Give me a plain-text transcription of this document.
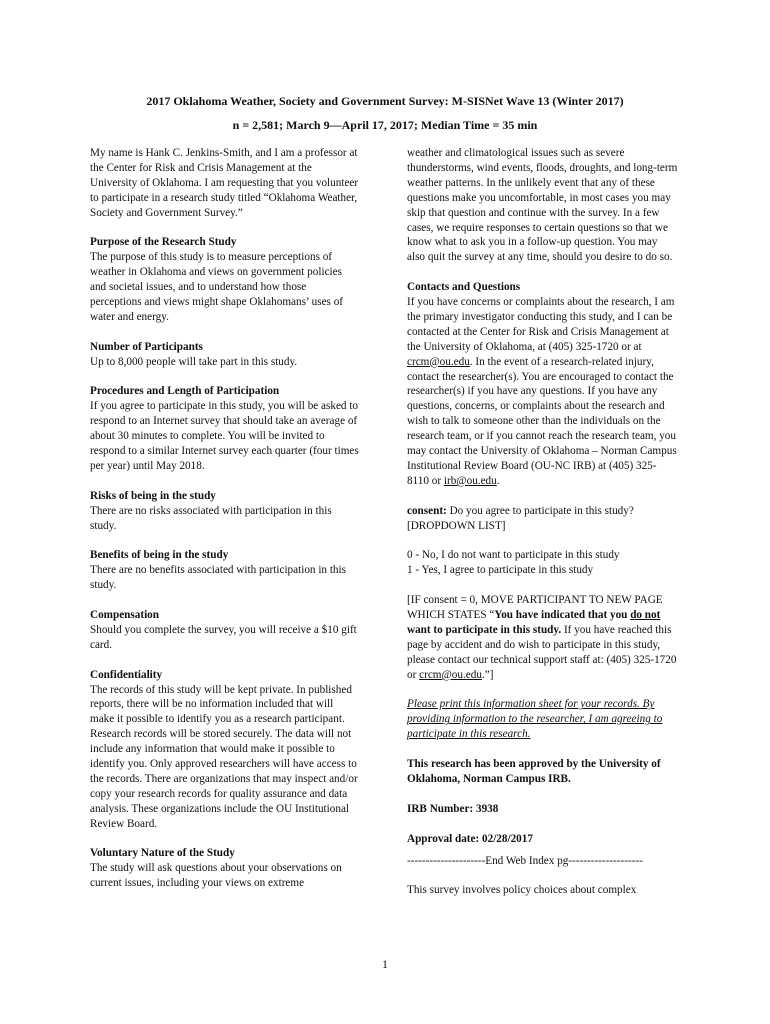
2017 Oklahoma Weather, Society and Government Survey: M-SISNet Wave 13 (Winter 2017)
n = 2,581; March 9—April 17, 2017; Median Time = 35 min

My name is Hank C. Jenkins-Smith, and I am a professor at the Center for Risk and Crisis Management at the University of Oklahoma. I am requesting that you volunteer to participate in a research study titled “Oklahoma Weather, Society and Government Survey.”

Purpose of the Research Study
The purpose of this study is to measure perceptions of weather in Oklahoma and views on government policies and societal issues, and to understand how those perceptions and views might shape Oklahomans’ uses of water and energy.

Number of Participants
Up to 8,000 people will take part in this study.

Procedures and Length of Participation
If you agree to participate in this study, you will be asked to respond to an Internet survey that should take an average of about 30 minutes to complete. You will be invited to respond to a similar Internet survey each quarter (four times per year) until May 2018.

Risks of being in the study
There are no risks associated with participation in this study.

Benefits of being in the study
There are no benefits associated with participation in this study.

Compensation
Should you complete the survey, you will receive a $10 gift card.

Confidentiality
The records of this study will be kept private. In published reports, there will be no information included that will make it possible to identify you as a research participant. Research records will be stored securely. The data will not include any information that would make it possible to identify you. Only approved researchers will have access to the records. There are organizations that may inspect and/or copy your research records for quality assurance and data analysis. These organizations include the OU Institutional Review Board.

Voluntary Nature of the Study
The study will ask questions about your observations on current issues, including your views on extreme

weather and climatological issues such as severe thunderstorms, wind events, floods, droughts, and long-term weather patterns. In the unlikely event that any of these questions make you uncomfortable, in most cases you may skip that question and continue with the survey. In a few cases, we require responses to certain questions so that we know what to ask you in a follow-up question. You may also quit the survey at any time, should you desire to do so.

Contacts and Questions
If you have concerns or complaints about the research, I am the primary investigator conducting this study, and I can be contacted at the Center for Risk and Crisis Management at the University of Oklahoma, at (405) 325-1720 or at crcm@ou.edu. In the event of a research-related injury, contact the researcher(s). You are encouraged to contact the researcher(s) if you have any questions. If you have any questions, concerns, or complaints about the research and wish to talk to someone other than the individuals on the research team, or if you cannot reach the research team, you may contact the University of Oklahoma – Norman Campus Institutional Review Board (OU-NC IRB) at (405) 325-8110 or irb@ou.edu.

consent: Do you agree to participate in this study? [DROPDOWN LIST]

0 - No, I do not want to participate in this study
1 - Yes, I agree to participate in this study

[IF consent = 0, MOVE PARTICIPANT TO NEW PAGE WHICH STATES “You have indicated that you do not want to participate in this study. If you have reached this page by accident and do wish to participate in this study, please contact our technical support staff at: (405) 325-1720 or crcm@ou.edu.”]

Please print this information sheet for your records. By providing information to the researcher, I am agreeing to participate in this research.

This research has been approved by the University of Oklahoma, Norman Campus IRB.

IRB Number: 3938

Approval date: 02/28/2017

---------------------End Web Index pg--------------------

This survey involves policy choices about complex

1
